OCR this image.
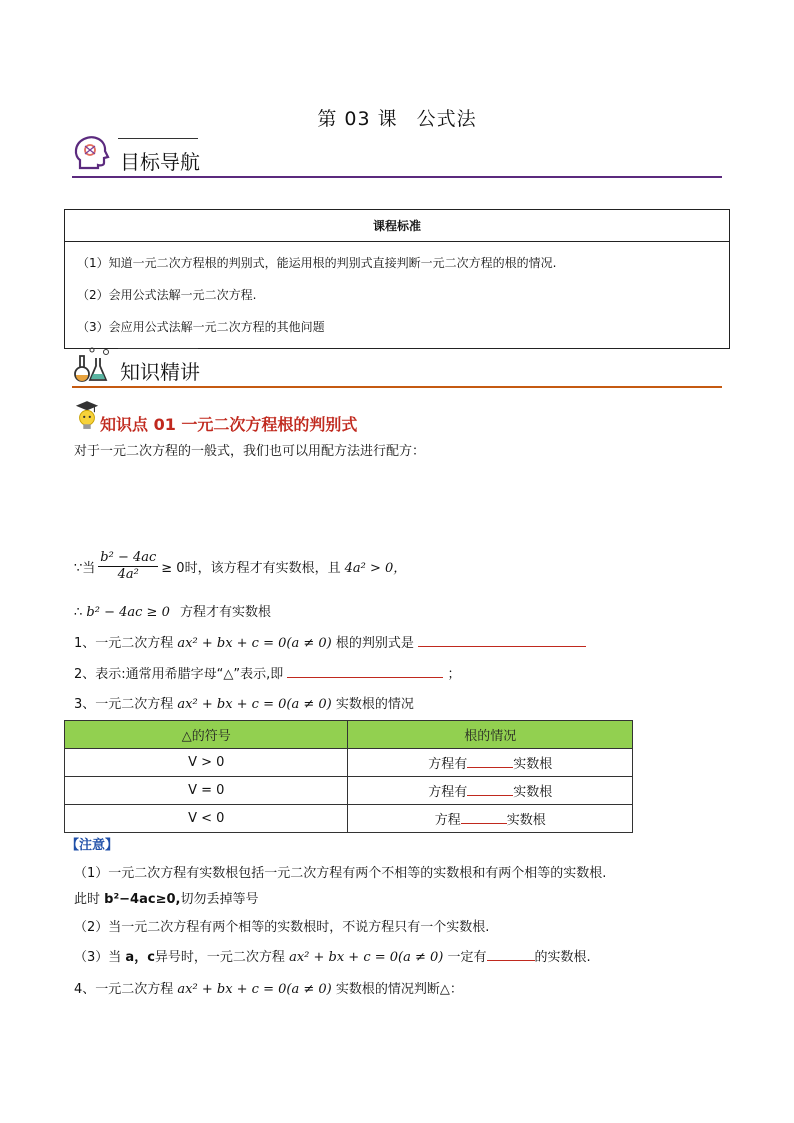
第 03 课 公式法
目标导航
课程标准

（1）知道一元二次方程根的判别式，能运用根的判别式直接判断一元二次方程的根的情况.
（2）会用公式法解一元二次方程.
（3）会应用公式法解一元二次方程的其他问题
知识精讲
知识点 01 一元二次方程根的判别式
对于一元二次方程的一般式，我们也可以用配方法进行配方：
∵当 $\frac{\text{b² − 4ac}}{\text{4a²}} \ge 0$时，该方程才有实数根，且 4a² > 0，
∴ b² − 4ac ≥ 0 方程才有实数根
1、一元二次方程 ax² + bx + c = 0(a ≠ 0) 根的判别式是
2、表示:通常用希腊字母“△”表示,即	；
3、一元二次方程 ax² + bx + c = 0(a ≠ 0) 实数根的情况
△的符号	根的情况
V > 0	方程有 实数根
V = 0	方程有 实数根
V < 0	方程 实数根
【注意】
（1）一元二次方程有实数根包括一元二次方程有两个不相等的实数根和有两个相等的实数根.
此时 b²−4ac≥0,切勿丢掉等号
（2）当一元二次方程有两个相等的实数根时，不说方程只有一个实数根.
（3）当 a，c异号时，一元二次方程 ax² + bx + c = 0(a ≠ 0) 一定有	的实数根.
4、一元二次方程 ax² + bx + c = 0(a ≠ 0) 实数根的情况判断△：
